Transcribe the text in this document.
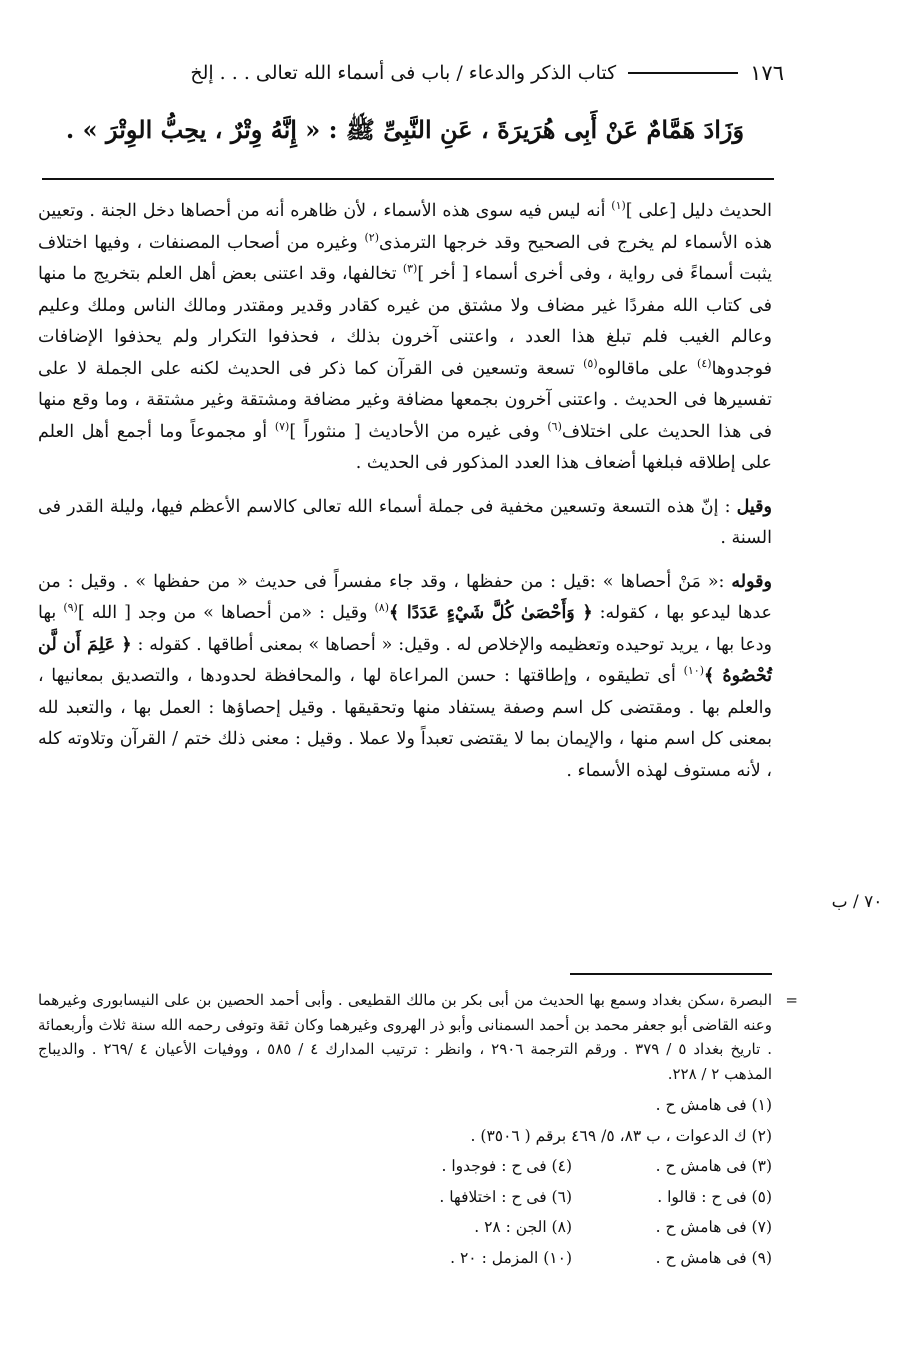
١٧٦
كتاب الذكر والدعاء / باب فى أسماء الله تعالى . . . إلخ
وَزَادَ هَمَّامٌ عَنْ أَبِى هُرَيرَةَ ، عَنِ النَّبِىِّ ﷺ : « إِنَّهُ وِتْرٌ ، يحِبُّ الوِتْرَ » .

الحديث دليل [على ]$^{(١)}$ أنه ليس فيه سوى هذه الأسماء ، لأن ظاهره أنه من أحصاها دخل الجنة . وتعيين هذه الأسماء لم يخرج فى الصحيح وقد خرجها الترمذى$^{(٢)}$ وغيره من أصحاب المصنفات ، وفيها اختلاف يثبت أسماءً فى رواية ، وفى أخرى أسماء [ أخر ]$^{(٣)}$ تخالفها، وقد اعتنى بعض أهل العلم بتخريج ما منها فى كتاب الله مفردًا غير مضاف ولا مشتق من غيره كقادر وقدير ومقتدر ومالك الناس وملك وعليم وعالم الغيب فلم تبلغ هذا العدد ، واعتنى آخرون بذلك ، فحذفوا التكرار ولم يحذفوا الإضافات فوجدوها$^{(٤)}$ على ماقالوه$^{(٥)}$ تسعة وتسعين فى القرآن كما ذكر فى الحديث لكنه على الجملة لا على تفسيرها فى الحديث . واعتنى آخرون بجمعها مضافة وغير مضافة ومشتقة وغير مشتقة ، وما وقع منها فى هذا الحديث على اختلاف$^{(٦)}$ وفى غيره من الأحاديث [ منثوراً ]$^{(٧)}$ أو مجموعاً وما أجمع أهل العلم على إطلاقه فبلغها أضعاف هذا العدد المذكور فى الحديث .

وقيل : إنّ هذه التسعة وتسعين مخفية فى جملة أسماء الله تعالى كالاسم الأعظم فيها، وليلة القدر فى السنة .

وقوله :« مَنْ أحصاها » :قيل : من حفظها ، وقد جاء مفسراً فى حديث « من حفظها » . وقيل : من عدها ليدعو بها ، كقوله: ﴿ وَأَحْصَىٰ كُلَّ شَيْءٍ عَدَدًا ﴾$^{(٨)}$ وقيل : «من أحصاها » من وجد [ الله ]$^{(٩)}$ بها ودعا بها ، يريد توحيده وتعظيمه والإخلاص له . وقيل: « أحصاها » بمعنى أطاقها . كقوله : ﴿ عَلِمَ أَن لَّن تُحْصُوهُ ﴾$^{(١٠)}$ أى تطيقوه ، وإطاقتها : حسن المراعاة لها ، والمحافظة لحدودها ، والتصديق بمعانيها ، والعلم بها . ومقتضى كل اسم وصفة يستفاد منها وتحقيقها . وقيل إحصاؤها : العمل بها ، والتعبد لله بمعنى كل اسم منها ، والإيمان بما لا يقتضى تعبداً ولا عملا . وقيل : معنى ذلك ختم / القرآن وتلاوته كله ، لأنه مستوف لهذه الأسماء .

٧٠ / ب
=
البصرة ،سكن بغداد وسمع بها الحديث من أبى بكر بن مالك القطيعى . وأبى أحمد الحصين بن على النيسابورى وغيرهما وعنه القاضى أبو جعفر محمد بن أحمد السمنانى وأبو ذر الهروى وغيرهما وكان ثقة وتوفى رحمه الله سنة ثلاث وأربعمائة . تاريخ بغداد ٥ / ٣٧٩ . ورقم الترجمة ٢٩٠٦ ، وانظر : ترتيب المدارك ٤ / ٥٨٥ ، ووفيات الأعيان ٤ /٢٦٩ . والديباج المذهب ٢ / ٢٢٨.
(١) فى هامش ح .
(٢) ك الدعوات ، ب ٨٣، ٥/ ٤٦٩ برقم ( ٣٥٠٦) .
(٣) فى هامش ح .
(٤) فى ح : فوجدوا .
(٥) فى ح : قالوا .
(٦) فى ح : اختلافها .
(٧) فى هامش ح .
(٨) الجن : ٢٨ .
(٩) فى هامش ح .
(١٠) المزمل : ٢٠ .
